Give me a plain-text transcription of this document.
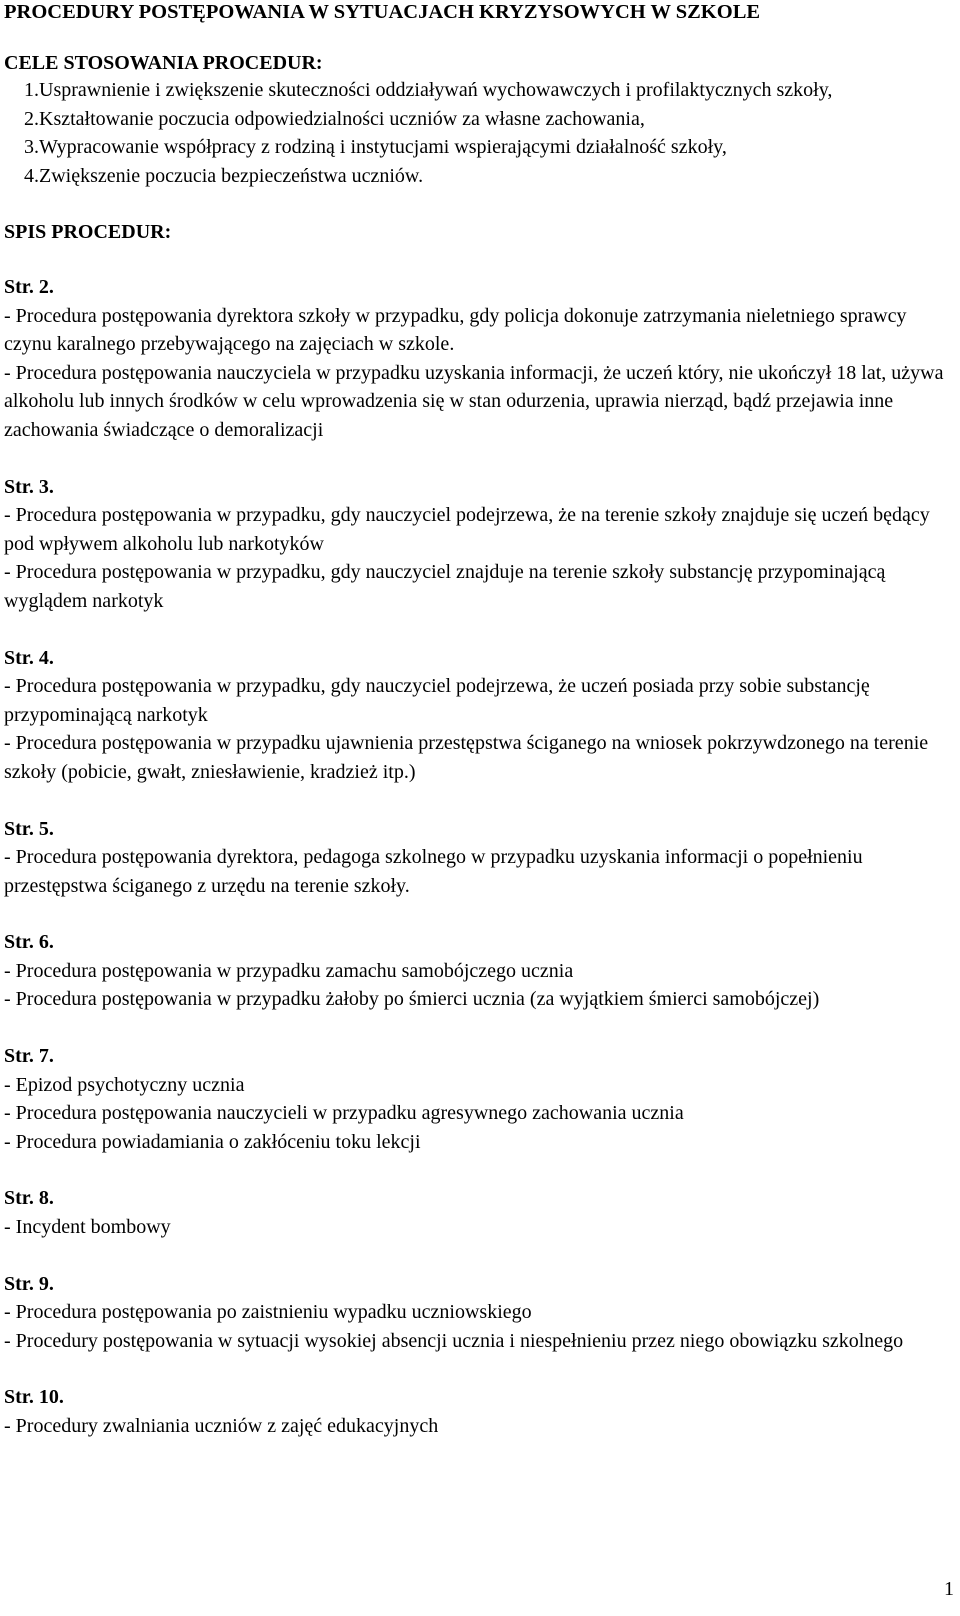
PROCEDURY POSTĘPOWANIA W SYTUACJACH KRYZYSOWYCH W SZKOLE
CELE STOSOWANIA PROCEDUR:
1.Usprawnienie i zwiększenie skuteczności oddziaływań wychowawczych i profilaktycznych szkoły,
2.Kształtowanie poczucia odpowiedzialności uczniów za własne zachowania,
3.Wypracowanie współpracy z rodziną i instytucjami wspierającymi działalność szkoły,
4.Zwiększenie poczucia bezpieczeństwa uczniów.
SPIS PROCEDUR:
Str. 2.
- Procedura postępowania dyrektora szkoły w przypadku, gdy policja dokonuje zatrzymania nieletniego sprawcy czynu karalnego przebywającego na zajęciach w szkole.
- Procedura postępowania nauczyciela w przypadku uzyskania informacji, że uczeń który, nie ukończył 18 lat, używa alkoholu lub innych środków w celu wprowadzenia się w stan odurzenia, uprawia nierząd, bądź przejawia inne zachowania świadczące o demoralizacji
Str. 3.
- Procedura postępowania w przypadku, gdy nauczyciel podejrzewa, że na terenie szkoły znajduje się uczeń będący pod wpływem alkoholu lub narkotyków
- Procedura postępowania w przypadku, gdy nauczyciel znajduje na terenie szkoły substancję przypominającą wyglądem narkotyk
Str. 4.
- Procedura postępowania w przypadku, gdy nauczyciel podejrzewa, że uczeń posiada przy sobie substancję przypominającą narkotyk
- Procedura postępowania w przypadku ujawnienia przestępstwa ściganego na wniosek pokrzywdzonego na terenie szkoły (pobicie, gwałt, zniesławienie, kradzież itp.)
Str. 5.
- Procedura postępowania dyrektora, pedagoga szkolnego w przypadku uzyskania informacji o popełnieniu przestępstwa ściganego z urzędu na terenie szkoły.
Str. 6.
- Procedura postępowania w przypadku zamachu samobójczego ucznia
- Procedura postępowania w przypadku żałoby po śmierci ucznia (za wyjątkiem śmierci samobójczej)
Str. 7.
- Epizod psychotyczny ucznia
- Procedura postępowania nauczycieli w przypadku agresywnego zachowania ucznia
- Procedura powiadamiania o zakłóceniu toku lekcji
Str. 8.
- Incydent bombowy
Str. 9.
- Procedura postępowania po zaistnieniu wypadku uczniowskiego
- Procedury postępowania w sytuacji wysokiej absencji ucznia i niespełnieniu przez niego obowiązku szkolnego
Str. 10.
- Procedury zwalniania uczniów z zajęć edukacyjnych
1
